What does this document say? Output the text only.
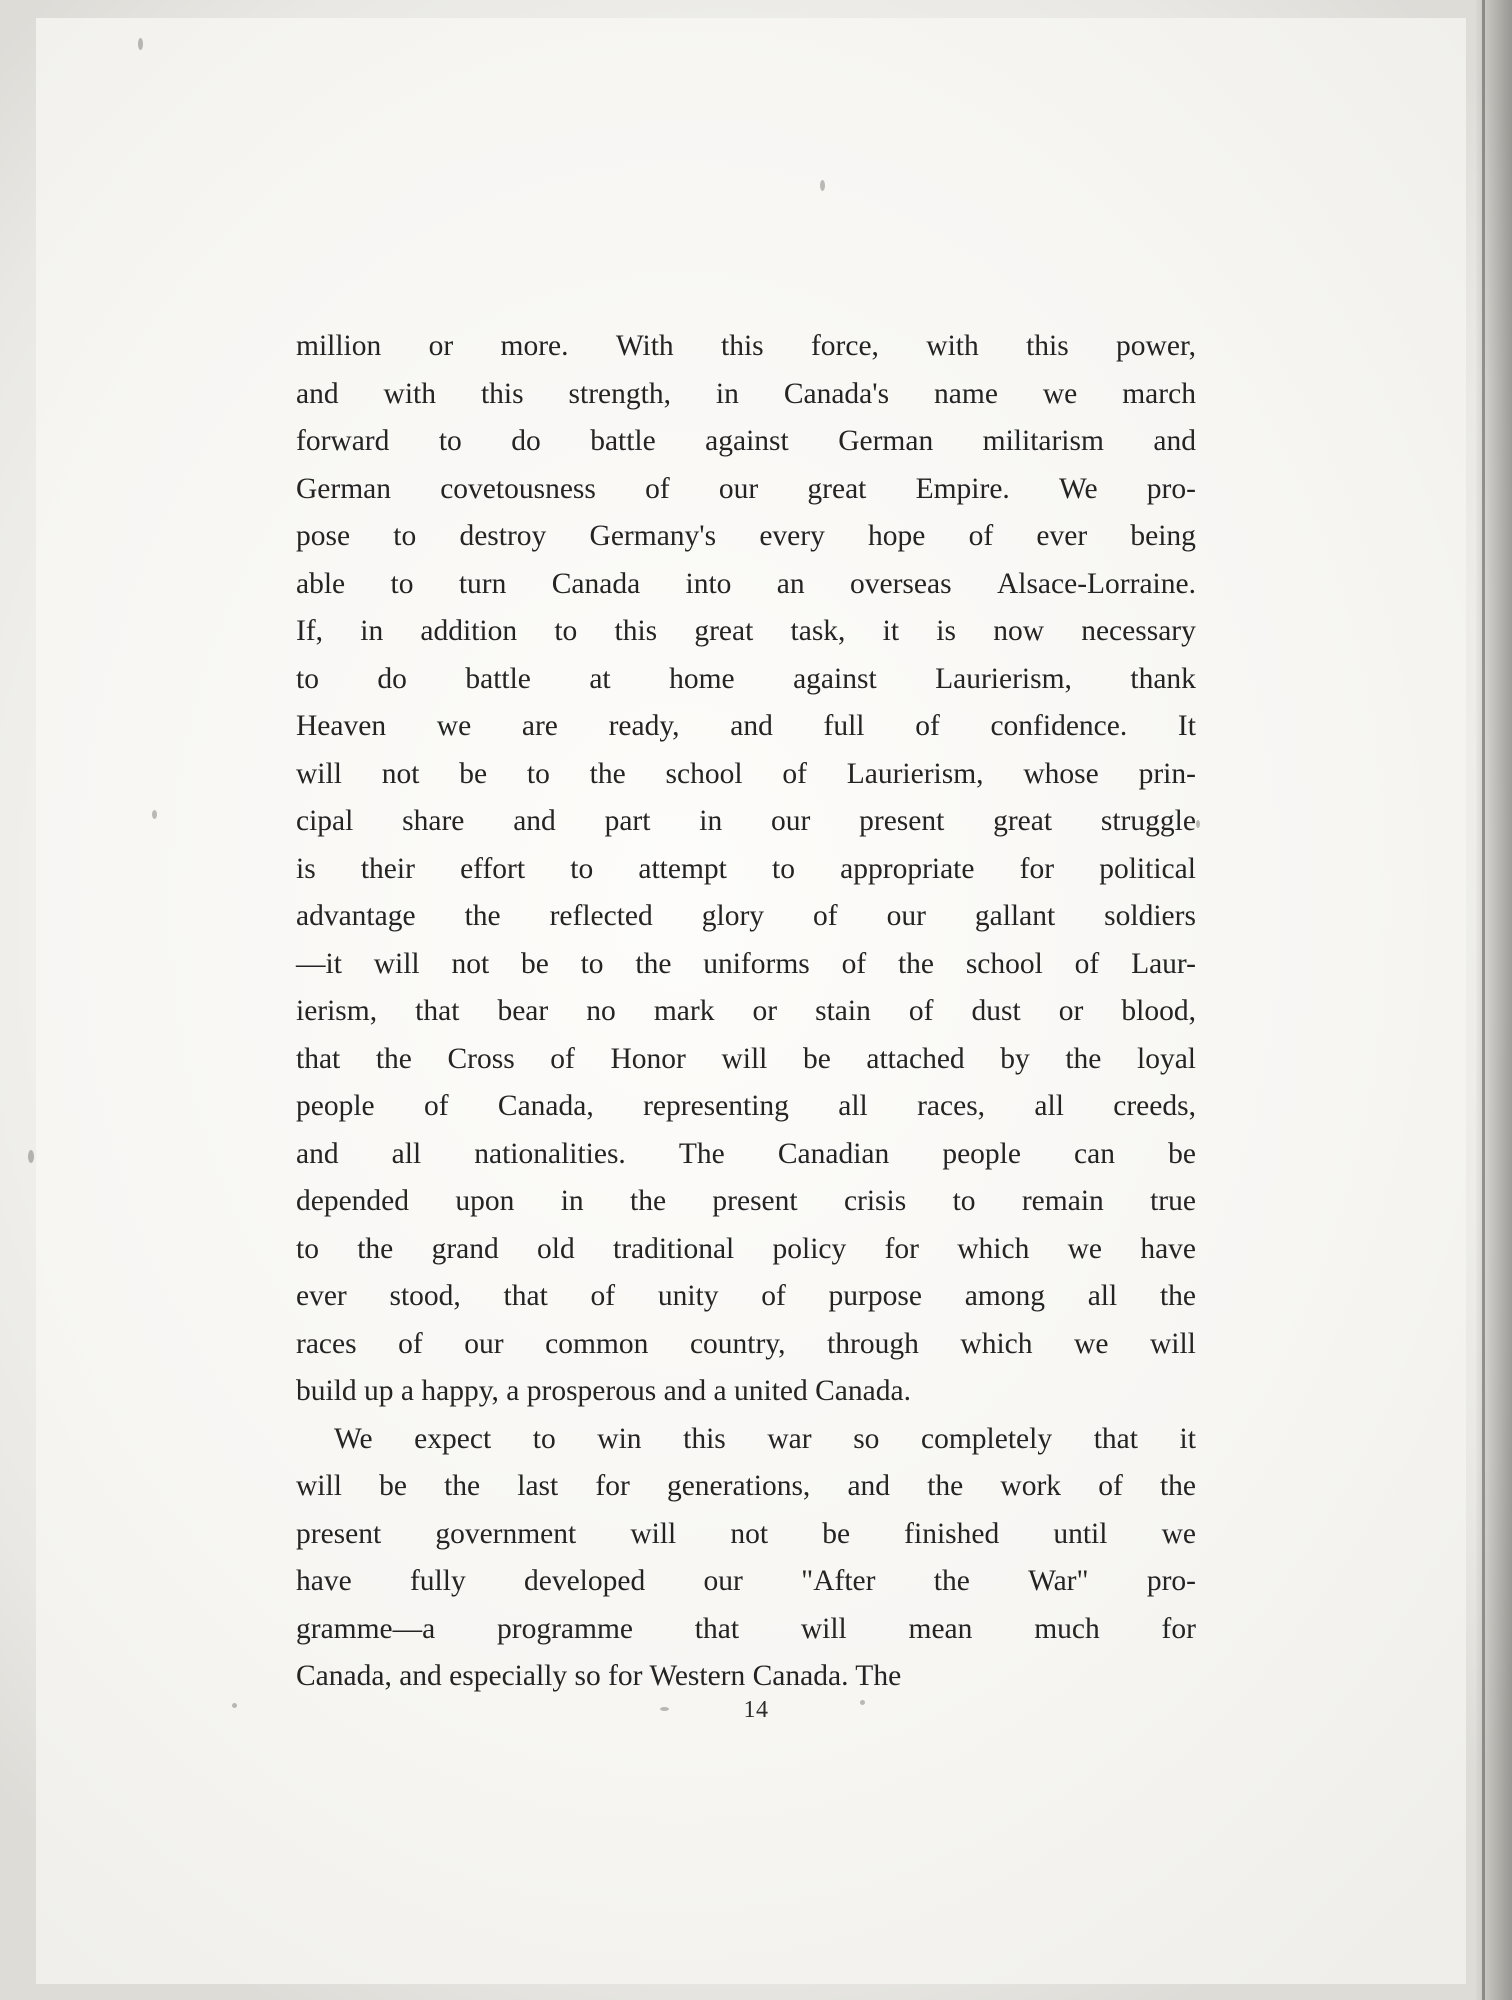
million or more. With this force, with this power,
and with this strength, in Canada's name we march
forward to do battle against German militarism and
German covetousness of our great Empire. We pro-
pose to destroy Germany's every hope of ever being
able to turn Canada into an overseas Alsace-Lorraine.
If, in addition to this great task, it is now necessary
to do battle at home against Laurierism, thank
Heaven we are ready, and full of confidence. It
will not be to the school of Laurierism, whose prin-
cipal share and part in our present great struggle
is their effort to attempt to appropriate for political
advantage the reflected glory of our gallant soldiers
—it will not be to the uniforms of the school of Laur-
ierism, that bear no mark or stain of dust or blood,
that the Cross of Honor will be attached by the loyal
people of Canada, representing all races, all creeds,
and all nationalities. The Canadian people can be
depended upon in the present crisis to remain true
to the grand old traditional policy for which we have
ever stood, that of unity of purpose among all the
races of our common country, through which we will
build up a happy, a prosperous and a united Canada.
We expect to win this war so completely that it
will be the last for generations, and the work of the
present government will not be finished until we
have fully developed our "After the War" pro-
gramme—a programme that will mean much for
Canada, and especially so for Western Canada. The
14
